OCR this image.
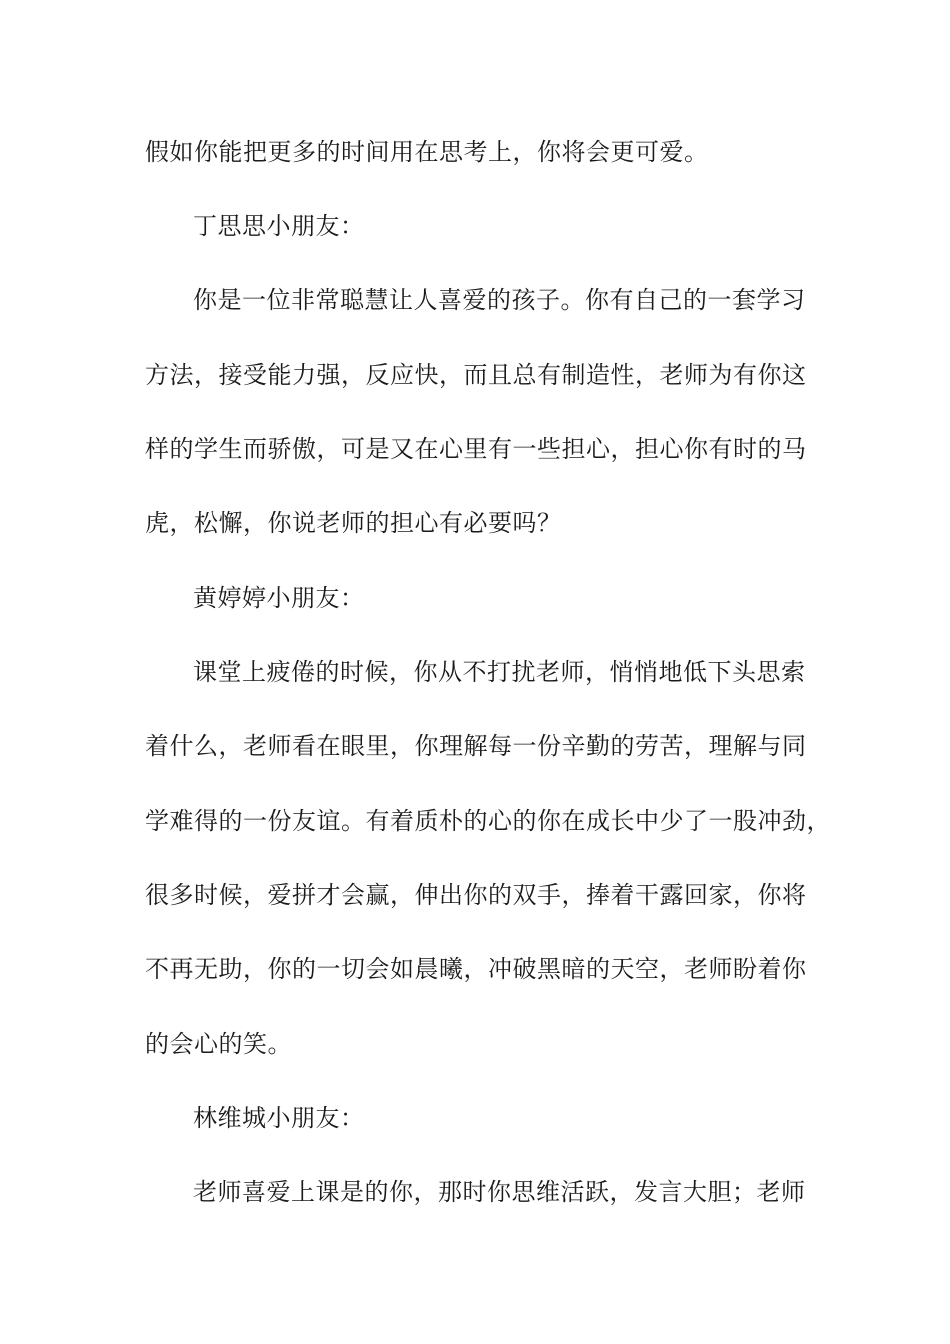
假如你能把更多的时间用在思考上，你将会更可爱。

丁思思小朋友：

你是一位非常聪慧让人喜爱的孩子。你有自己的一套学习

方法，接受能力强，反应快，而且总有制造性，老师为有你这

样的学生而骄傲，可是又在心里有一些担心，担心你有时的马

虎，松懈，你说老师的担心有必要吗？

黄婷婷小朋友：

课堂上疲倦的时候，你从不打扰老师，悄悄地低下头思索

着什么，老师看在眼里，你理解每一份辛勤的劳苦，理解与同

学难得的一份友谊。有着质朴的心的你在成长中少了一股冲劲，

很多时候，爱拼才会赢，伸出你的双手，捧着干露回家，你将

不再无助，你的一切会如晨曦，冲破黑暗的天空，老师盼着你

的会心的笑。

林维城小朋友：

老师喜爱上课是的你，那时你思维活跃，发言大胆；老师
